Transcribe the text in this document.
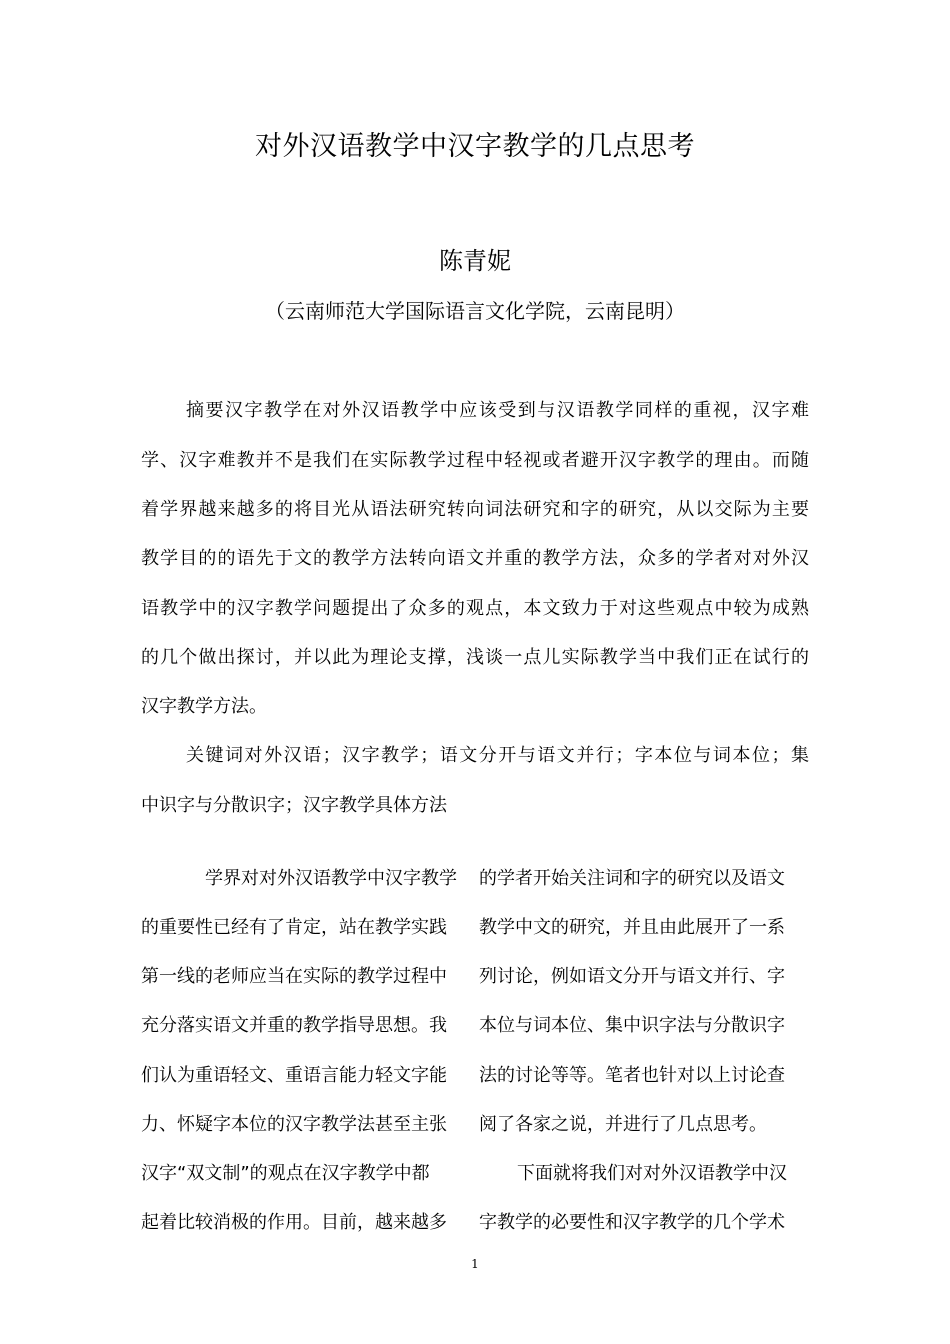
对外汉语教学中汉字教学的几点思考
陈青妮
（云南师范大学国际语言文化学院，云南昆明）
摘要汉字教学在对外汉语教学中应该受到与汉语教学同样的重视，汉字难
学、汉字难教并不是我们在实际教学过程中轻视或者避开汉字教学的理由。而随
着学界越来越多的将目光从语法研究转向词法研究和字的研究，从以交际为主要
教学目的的语先于文的教学方法转向语文并重的教学方法，众多的学者对对外汉
语教学中的汉字教学问题提出了众多的观点，本文致力于对这些观点中较为成熟
的几个做出探讨，并以此为理论支撑，浅谈一点儿实际教学当中我们正在试行的
汉字教学方法。
关键词对外汉语；汉字教学；语文分开与语文并行；字本位与词本位；集
中识字与分散识字；汉字教学具体方法
学界对对外汉语教学中汉字教学
的重要性已经有了肯定，站在教学实践
第一线的老师应当在实际的教学过程中
充分落实语文并重的教学指导思想。我
们认为重语轻文、重语言能力轻文字能
力、怀疑字本位的汉字教学法甚至主张
汉字“双文制”的观点在汉字教学中都
起着比较消极的作用。目前，越来越多
的学者开始关注词和字的研究以及语文
教学中文的研究，并且由此展开了一系
列讨论，例如语文分开与语文并行、字
本位与词本位、集中识字法与分散识字
法的讨论等等。笔者也针对以上讨论查
阅了各家之说，并进行了几点思考。
下面就将我们对对外汉语教学中汉
字教学的必要性和汉字教学的几个学术
1
